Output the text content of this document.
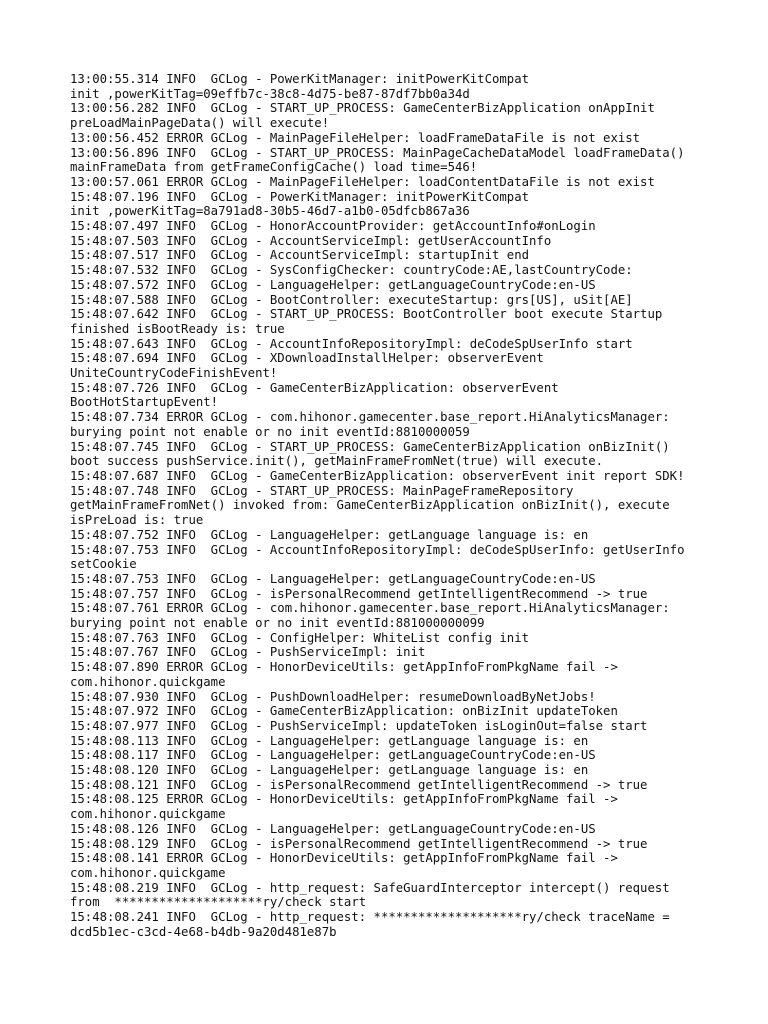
13:00:55.314 INFO  GCLog - PowerKitManager: initPowerKitCompat
init ,powerKitTag=09effb7c-38c8-4d75-be87-87df7bb0a34d
13:00:56.282 INFO  GCLog - START_UP_PROCESS: GameCenterBizApplication onAppInit
preLoadMainPageData() will execute!
13:00:56.452 ERROR GCLog - MainPageFileHelper: loadFrameDataFile is not exist
13:00:56.896 INFO  GCLog - START_UP_PROCESS: MainPageCacheDataModel loadFrameData()
mainFrameData from getFrameConfigCache() load time=546!
13:00:57.061 ERROR GCLog - MainPageFileHelper: loadContentDataFile is not exist
15:48:07.196 INFO  GCLog - PowerKitManager: initPowerKitCompat
init ,powerKitTag=8a791ad8-30b5-46d7-a1b0-05dfcb867a36
15:48:07.497 INFO  GCLog - HonorAccountProvider: getAccountInfo#onLogin
15:48:07.503 INFO  GCLog - AccountServiceImpl: getUserAccountInfo
15:48:07.517 INFO  GCLog - AccountServiceImpl: startupInit end
15:48:07.532 INFO  GCLog - SysConfigChecker: countryCode:AE,lastCountryCode:
15:48:07.572 INFO  GCLog - LanguageHelper: getLanguageCountryCode:en-US
15:48:07.588 INFO  GCLog - BootController: executeStartup: grs[US], uSit[AE]
15:48:07.642 INFO  GCLog - START_UP_PROCESS: BootController boot execute Startup
finished isBootReady is: true
15:48:07.643 INFO  GCLog - AccountInfoRepositoryImpl: deCodeSpUserInfo start
15:48:07.694 INFO  GCLog - XDownloadInstallHelper: observerEvent
UniteCountryCodeFinishEvent!
15:48:07.726 INFO  GCLog - GameCenterBizApplication: observerEvent
BootHotStartupEvent!
15:48:07.734 ERROR GCLog - com.hihonor.gamecenter.base_report.HiAnalyticsManager:
burying point not enable or no init eventId:8810000059
15:48:07.745 INFO  GCLog - START_UP_PROCESS: GameCenterBizApplication onBizInit()
boot success pushService.init(), getMainFrameFromNet(true) will execute.
15:48:07.687 INFO  GCLog - GameCenterBizApplication: observerEvent init report SDK!
15:48:07.748 INFO  GCLog - START_UP_PROCESS: MainPageFrameRepository
getMainFrameFromNet() invoked from: GameCenterBizApplication onBizInit(), execute
isPreLoad is: true
15:48:07.752 INFO  GCLog - LanguageHelper: getLanguage language is: en
15:48:07.753 INFO  GCLog - AccountInfoRepositoryImpl: deCodeSpUserInfo: getUserInfo
setCookie
15:48:07.753 INFO  GCLog - LanguageHelper: getLanguageCountryCode:en-US
15:48:07.757 INFO  GCLog - isPersonalRecommend getIntelligentRecommend -> true
15:48:07.761 ERROR GCLog - com.hihonor.gamecenter.base_report.HiAnalyticsManager:
burying point not enable or no init eventId:881000000099
15:48:07.763 INFO  GCLog - ConfigHelper: WhiteList config init
15:48:07.767 INFO  GCLog - PushServiceImpl: init
15:48:07.890 ERROR GCLog - HonorDeviceUtils: getAppInfoFromPkgName fail ->
com.hihonor.quickgame
15:48:07.930 INFO  GCLog - PushDownloadHelper: resumeDownloadByNetJobs!
15:48:07.972 INFO  GCLog - GameCenterBizApplication: onBizInit updateToken
15:48:07.977 INFO  GCLog - PushServiceImpl: updateToken isLoginOut=false start
15:48:08.113 INFO  GCLog - LanguageHelper: getLanguage language is: en
15:48:08.117 INFO  GCLog - LanguageHelper: getLanguageCountryCode:en-US
15:48:08.120 INFO  GCLog - LanguageHelper: getLanguage language is: en
15:48:08.121 INFO  GCLog - isPersonalRecommend getIntelligentRecommend -> true
15:48:08.125 ERROR GCLog - HonorDeviceUtils: getAppInfoFromPkgName fail ->
com.hihonor.quickgame
15:48:08.126 INFO  GCLog - LanguageHelper: getLanguageCountryCode:en-US
15:48:08.129 INFO  GCLog - isPersonalRecommend getIntelligentRecommend -> true
15:48:08.141 ERROR GCLog - HonorDeviceUtils: getAppInfoFromPkgName fail ->
com.hihonor.quickgame
15:48:08.219 INFO  GCLog - http_request: SafeGuardInterceptor intercept() request
from  ********************ry/check start
15:48:08.241 INFO  GCLog - http_request: ********************ry/check traceName =
dcd5b1ec-c3cd-4e68-b4db-9a20d481e87b
